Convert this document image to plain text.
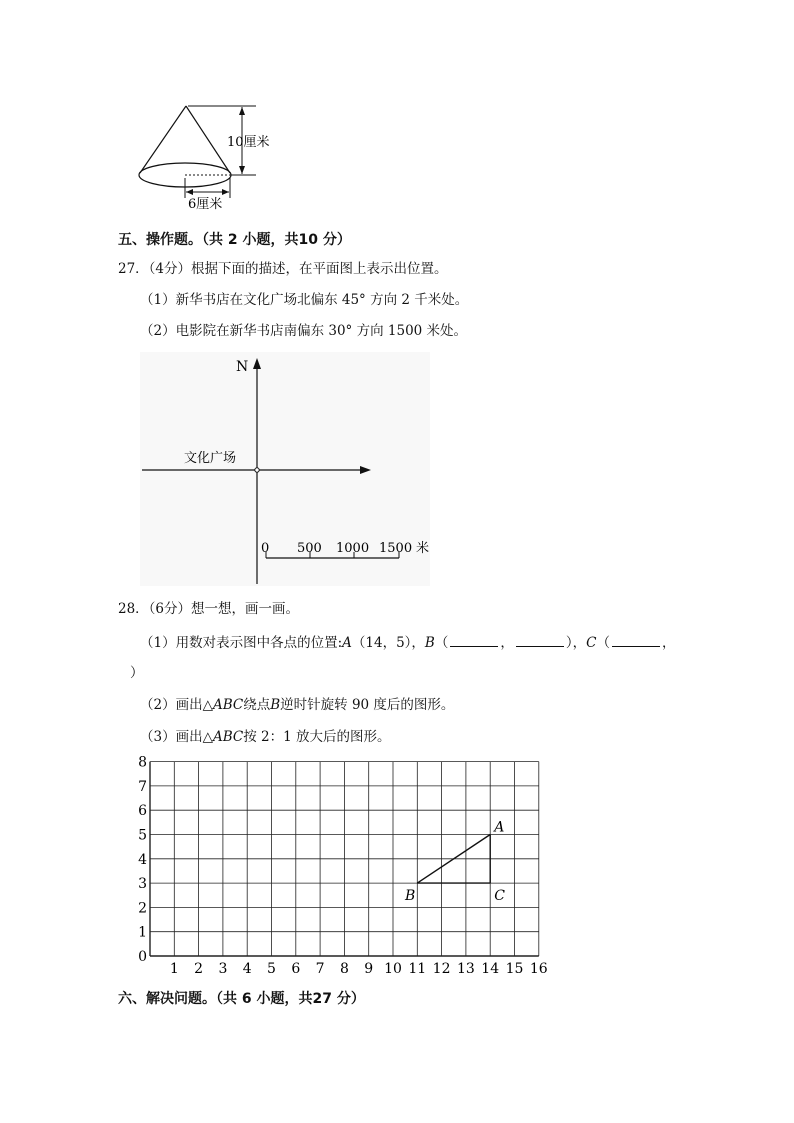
10厘米
6厘米
五、操作题。（共 2 小题，共10 分）
27．（4分）根据下面的描述，在平面图上表示出位置。
（1）新华书店在文化广场北偏东 45° 方向 2 千米处。
（2）电影院在新华书店南偏东 30° 方向 1500 米处。
N
文化广场
0 500 1000 1500 米
28．（6分）想一想，画一画。
（1）用数对表示图中各点的位置:A（14，5），B（	，	），C（	，
）
（2）画出△ABC绕点B逆时针旋转 90 度后的图形。
（3）画出△ABC按 2：1 放大后的图形。
1 2 3 4 5 6 7 8 9 10 11 12 13 14 15 16
0
1
2
3
4
5
6
7
8
A
B	C
六、解决问题。（共 6 小题，共27 分）
